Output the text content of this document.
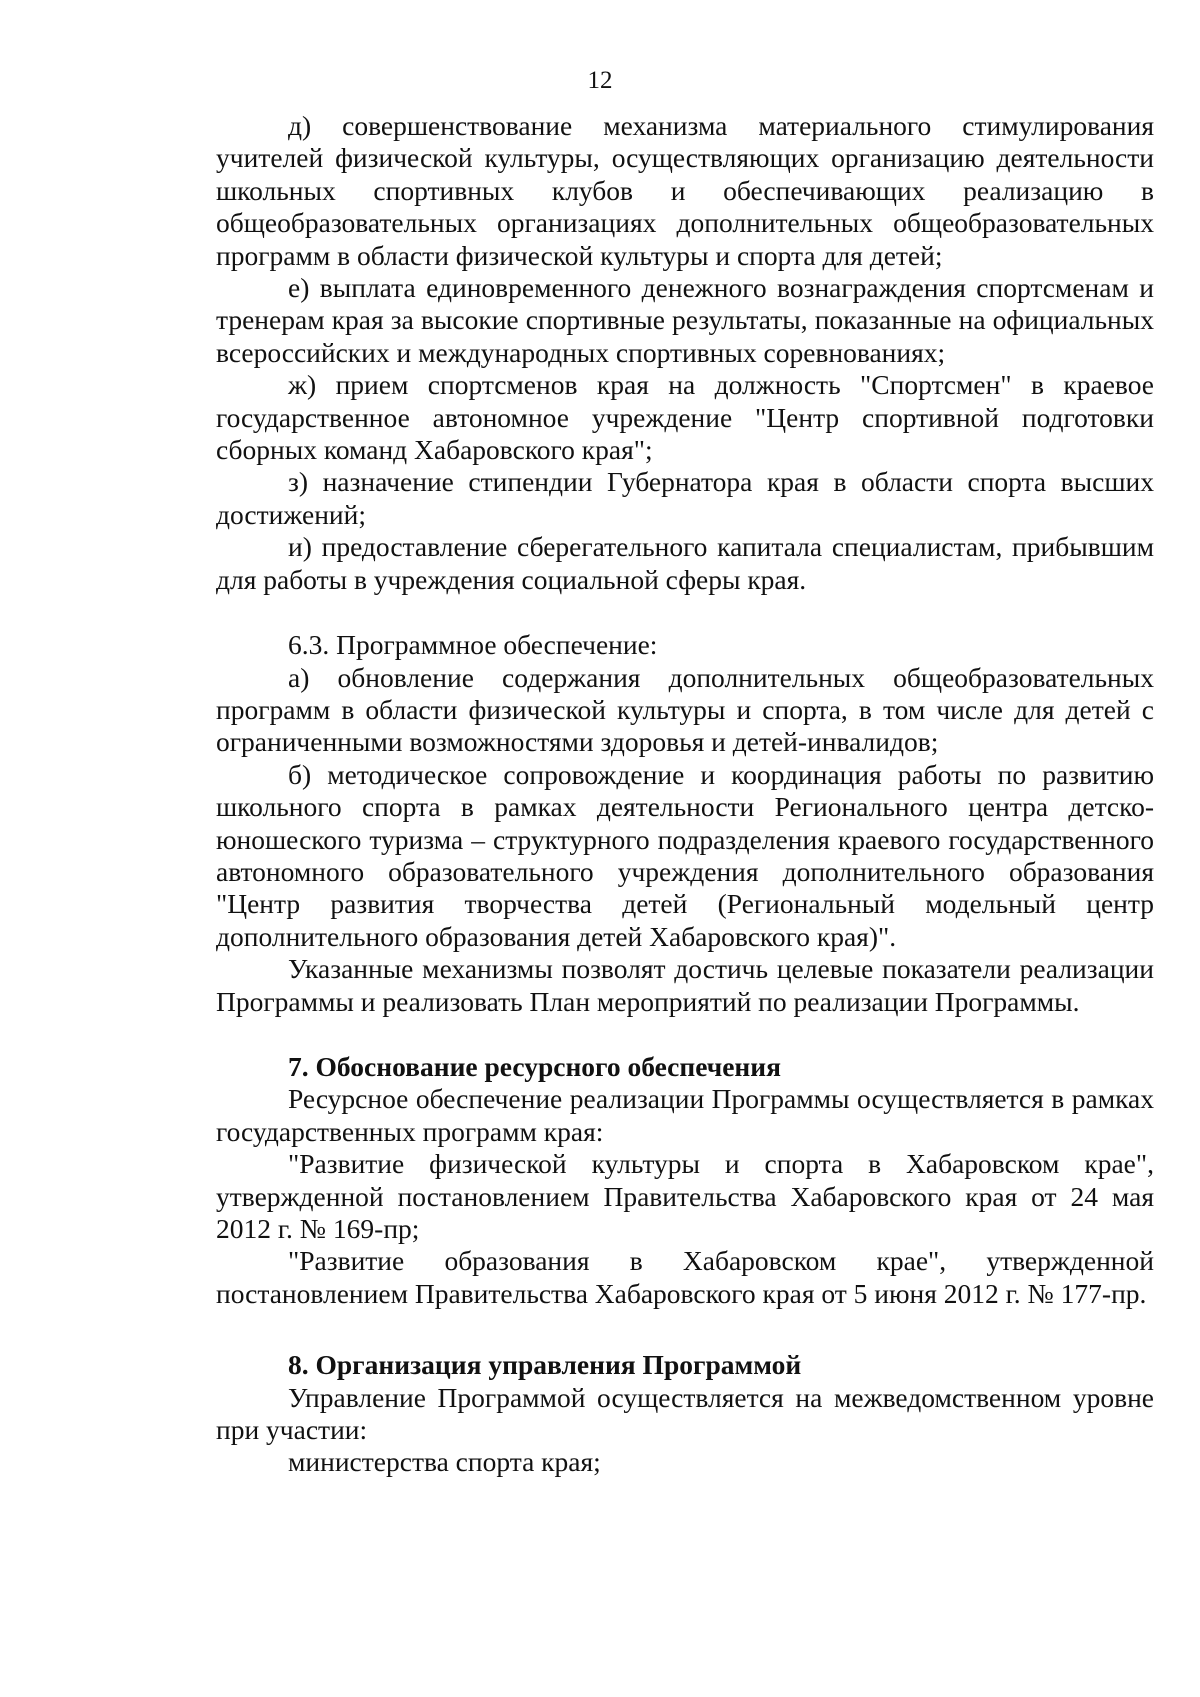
12

д) совершенствование механизма материального стимулирования учителей физической культуры, осуществляющих организацию деятельности школьных спортивных клубов и обеспечивающих реализацию в общеобразовательных организациях дополнительных общеобразовательных программ в области физической культуры и спорта для детей;

е) выплата единовременного денежного вознаграждения спортсменам и тренерам края за высокие спортивные результаты, показанные на официальных всероссийских и международных спортивных соревнованиях;

ж) прием спортсменов края на должность "Спортсмен" в краевое государственное автономное учреждение "Центр спортивной подготовки сборных команд Хабаровского края";

з) назначение стипендии Губернатора края в области спорта высших достижений;

и) предоставление сберегательного капитала специалистам, прибывшим для работы в учреждения социальной сферы края.

6.3. Программное обеспечение:

а) обновление содержания дополнительных общеобразовательных программ в области физической культуры и спорта, в том числе для детей с ограниченными возможностями здоровья и детей-инвалидов;

б) методическое сопровождение и координация работы по развитию школьного спорта в рамках деятельности Регионального центра детско-юношеского туризма – структурного подразделения краевого государственного автономного образовательного учреждения дополнительного образования "Центр развития творчества детей (Региональный модельный центр дополнительного образования детей Хабаровского края)".

Указанные механизмы позволят достичь целевые показатели реализации Программы и реализовать План мероприятий по реализации Программы.

7. Обоснование ресурсного обеспечения

Ресурсное обеспечение реализации Программы осуществляется в рамках государственных программ края:

"Развитие физической культуры и спорта в Хабаровском крае", утвержденной постановлением Правительства Хабаровского края от 24 мая 2012 г. № 169-пр;

"Развитие образования в Хабаровском крае", утвержденной постановлением Правительства Хабаровского края от 5 июня 2012 г. № 177-пр.

8. Организация управления Программой

Управление Программой осуществляется на межведомственном уровне при участии:

министерства спорта края;
